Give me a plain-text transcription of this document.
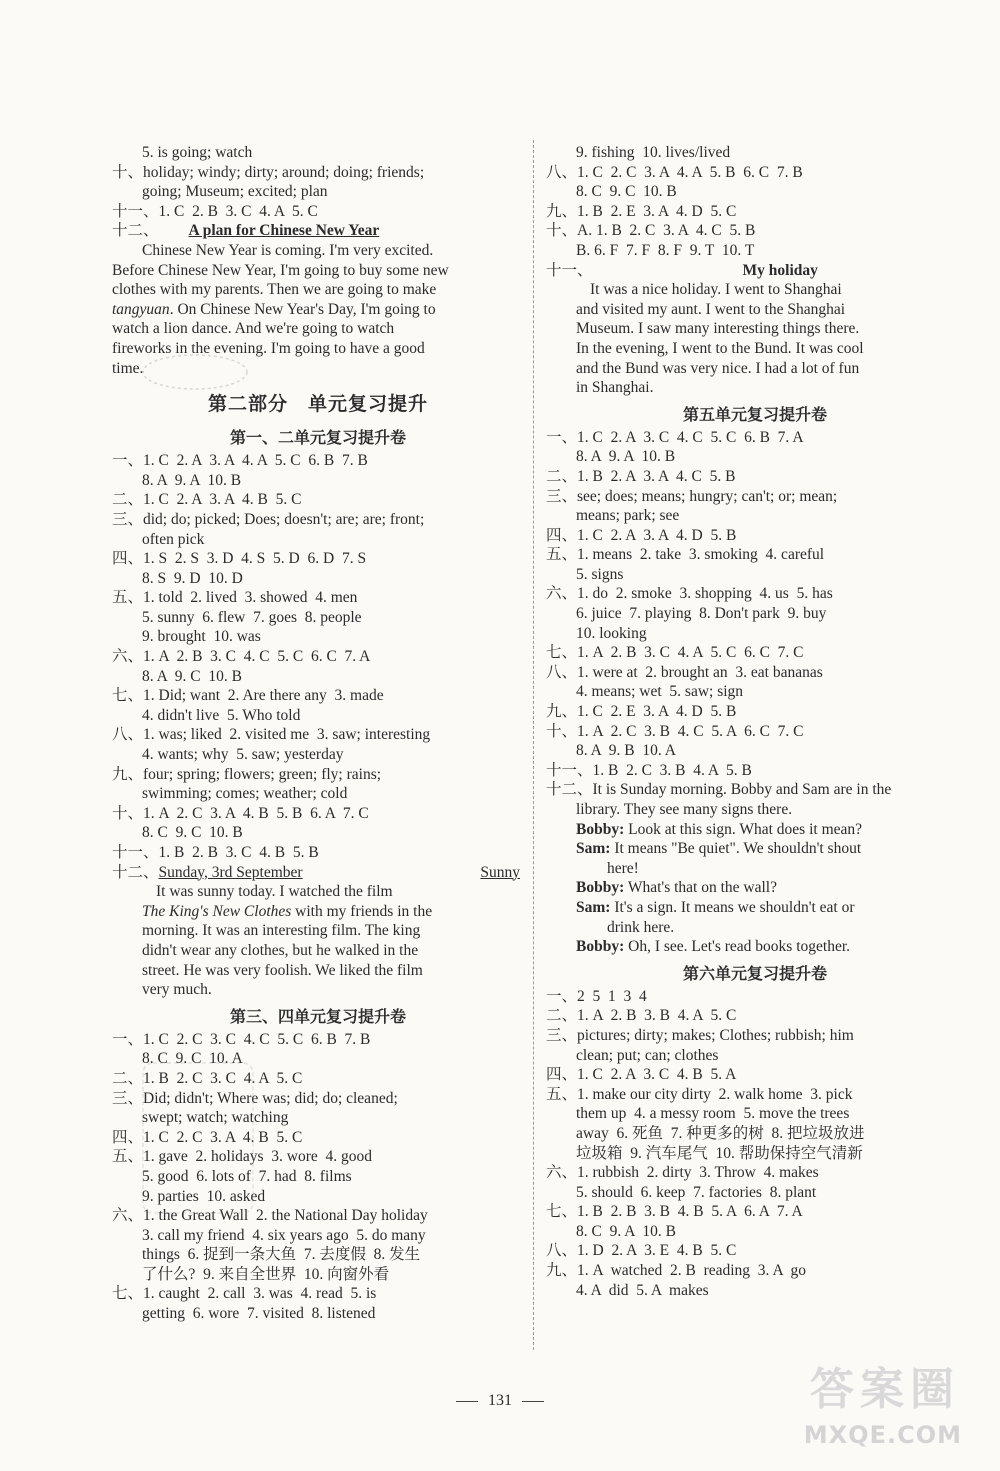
5. is going; watch
十、holiday; windy; dirty; around; doing; friends;
going; Museum; excited; plan
十一、1. C  2. B  3. C  4. A  5. C
十二、 A plan for Chinese New Year
Chinese New Year is coming. I'm very excited.
Before Chinese New Year, I'm going to buy some new
clothes with my parents. Then we are going to make
tangyuan. On Chinese New Year's Day, I'm going to
watch a lion dance. And we're going to watch
fireworks in the evening. I'm going to have a good
time.
第二部分　单元复习提升
第一、二单元复习提升卷
一、1. C  2. A  3. A  4. A  5. C  6. B  7. B
8. A  9. A  10. B
二、1. C  2. A  3. A  4. B  5. C
三、did; do; picked; Does; doesn't; are; are; front;
often pick
四、1. S  2. S  3. D  4. S  5. D  6. D  7. S
8. S  9. D  10. D
五、1. told  2. lived  3. showed  4. men
5. sunny  6. flew  7. goes  8. people
9. brought  10. was
六、1. A  2. B  3. C  4. C  5. C  6. C  7. A
8. A  9. C  10. B
七、1. Did; want  2. Are there any  3. made
4. didn't live  5. Who told
八、1. was; liked  2. visited me  3. saw; interesting
4. wants; why  5. saw; yesterday
九、four; spring; flowers; green; fly; rains;
swimming; comes; weather; cold
十、1. A  2. C  3. A  4. B  5. B  6. A  7. C
8. C  9. C  10. B
十一、1. B  2. B  3. C  4. B  5. B
十二、Sunday, 3rd September	Sunny
It was sunny today. I watched the film
The King's New Clothes with my friends in the
morning. It was an interesting film. The king
didn't wear any clothes, but he walked in the
street. He was very foolish. We liked the film
very much.
第三、四单元复习提升卷
一、1. C  2. C  3. C  4. C  5. C  6. B  7. B
8. C  9. C  10. A
二、1. B  2. C  3. C  4. A  5. C
三、Did; didn't; Where was; did; do; cleaned;
swept; watch; watching
四、1. C  2. C  3. A  4. B  5. C
五、1. gave  2. holidays  3. wore  4. good
5. good  6. lots of  7. had  8. films
9. parties  10. asked
六、1. the Great Wall  2. the National Day holiday
3. call my friend  4. six years ago  5. do many
things  6. 捉到一条大鱼  7. 去度假  8. 发生
了什么?  9. 来自全世界  10. 向窗外看
七、1. caught  2. call  3. was  4. read  5. is
getting  6. wore  7. visited  8. listened
9. fishing  10. lives/lived
八、1. C  2. C  3. A  4. A  5. B  6. C  7. B
8. C  9. C  10. B
九、1. B  2. E  3. A  4. D  5. C
十、A. 1. B  2. C  3. A  4. C  5. B
B. 6. F  7. F  8. F  9. T  10. T
十一、	My holiday
It was a nice holiday. I went to Shanghai
and visited my aunt. I went to the Shanghai
Museum. I saw many interesting things there.
In the evening, I went to the Bund. It was cool
and the Bund was very nice. I had a lot of fun
in Shanghai.
第五单元复习提升卷
一、1. C  2. A  3. C  4. C  5. C  6. B  7. A
8. A  9. A  10. B
二、1. B  2. A  3. A  4. C  5. B
三、see; does; means; hungry; can't; or; mean;
means; park; see
四、1. C  2. A  3. A  4. D  5. B
五、1. means  2. take  3. smoking  4. careful
5. signs
六、1. do  2. smoke  3. shopping  4. us  5. has
6. juice  7. playing  8. Don't park  9. buy
10. looking
七、1. A  2. B  3. C  4. A  5. C  6. C  7. C
八、1. were at  2. brought an  3. eat bananas
4. means; wet  5. saw; sign
九、1. C  2. E  3. A  4. D  5. B
十、1. A  2. C  3. B  4. C  5. A  6. C  7. C
8. A  9. B  10. A
十一、1. B  2. C  3. B  4. A  5. B
十二、It is Sunday morning. Bobby and Sam are in the
library. They see many signs there.
Bobby: Look at this sign. What does it mean?
Sam: It means "Be quiet". We shouldn't shout
here!
Bobby: What's that on the wall?
Sam: It's a sign. It means we shouldn't eat or
drink here.
Bobby: Oh, I see. Let's read books together.
第六单元复习提升卷
一、2  5  1  3  4
二、1. A  2. B  3. B  4. A  5. C
三、pictures; dirty; makes; Clothes; rubbish; him
clean; put; can; clothes
四、1. C  2. A  3. C  4. B  5. A
五、1. make our city dirty  2. walk home  3. pick
them up  4. a messy room  5. move the trees
away  6. 死鱼  7. 种更多的树  8. 把垃圾放进
垃圾箱  9. 汽车尾气  10. 帮助保持空气清新
六、1. rubbish  2. dirty  3. Throw  4. makes
5. should  6. keep  7. factories  8. plant
七、1. B  2. B  3. B  4. B  5. A  6. A  7. A
8. C  9. A  10. B
八、1. D  2. A  3. E  4. B  5. C
九、1. A  watched  2. B  reading  3. A  go
4. A  did  5. A  makes
131	答案圈
MXQE.COM
